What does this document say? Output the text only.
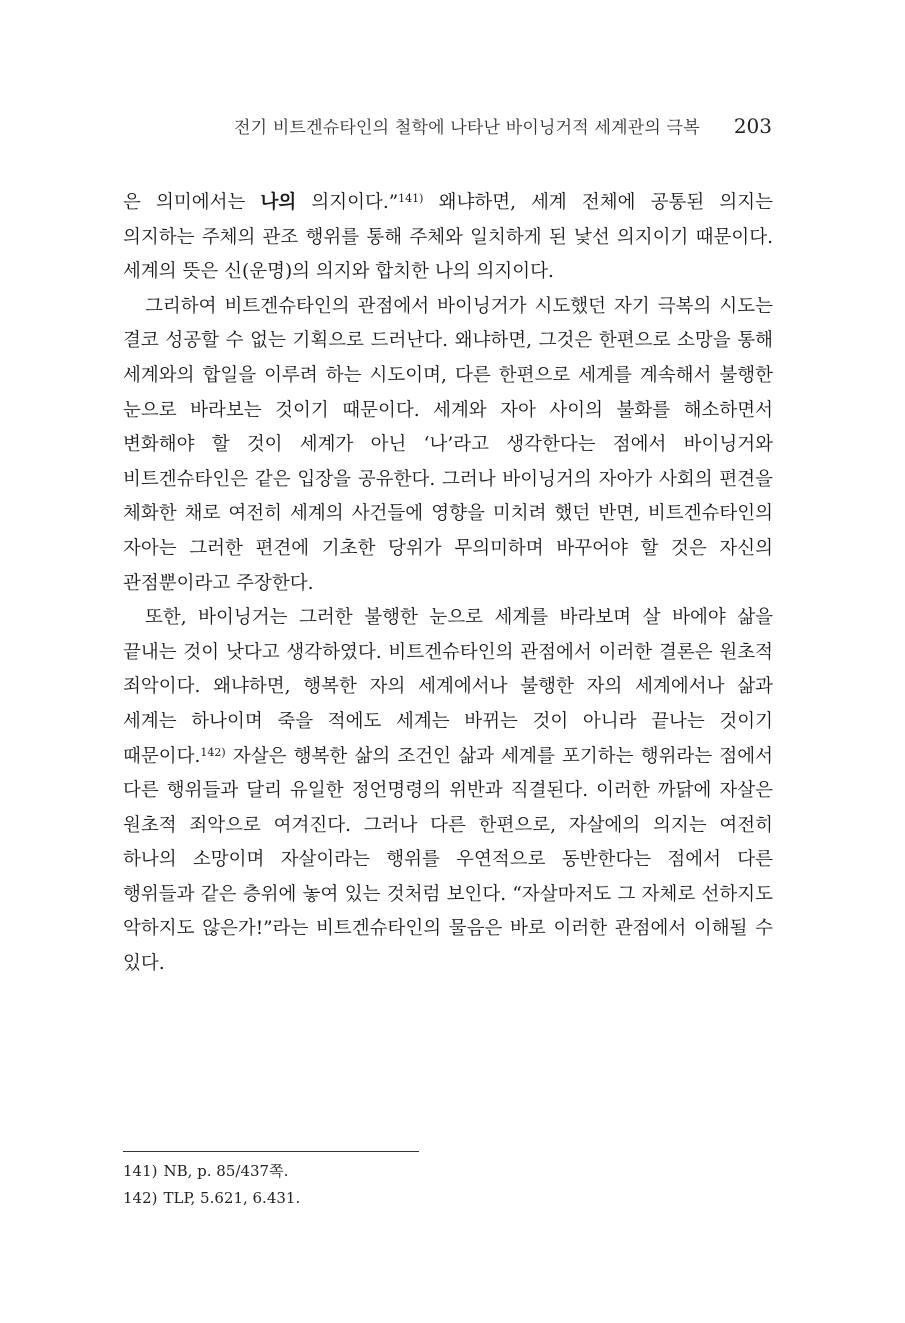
전기 비트겐슈타인의 철학에 나타난 바이닝거적 세계관의 극복 203

은 의미에서는 나의 의지이다.”$^{141)}$ 왜냐하면, 세계 전체에 공통된 의지는 의지하는 주체의 관조 행위를 통해 주체와 일치하게 된 낯선 의지이기 때문이다. 세계의 뜻은 신(운명)의 의지와 합치한 나의 의지이다.

그리하여 비트겐슈타인의 관점에서 바이닝거가 시도했던 자기 극복의 시도는 결코 성공할 수 없는 기획으로 드러난다. 왜냐하면, 그것은 한편으로 소망을 통해 세계와의 합일을 이루려 하는 시도이며, 다른 한편으로 세계를 계속해서 불행한 눈으로 바라보는 것이기 때문이다. 세계와 자아 사이의 불화를 해소하면서 변화해야 할 것이 세계가 아닌 ‘나’라고 생각한다는 점에서 바이닝거와 비트겐슈타인은 같은 입장을 공유한다. 그러나 바이닝거의 자아가 사회의 편견을 체화한 채로 여전히 세계의 사건들에 영향을 미치려 했던 반면, 비트겐슈타인의 자아는 그러한 편견에 기초한 당위가 무의미하며 바꾸어야 할 것은 자신의 관점뿐이라고 주장한다.

또한, 바이닝거는 그러한 불행한 눈으로 세계를 바라보며 살 바에야 삶을 끝내는 것이 낫다고 생각하였다. 비트겐슈타인의 관점에서 이러한 결론은 원초적 죄악이다. 왜냐하면, 행복한 자의 세계에서나 불행한 자의 세계에서나 삶과 세계는 하나이며 죽을 적에도 세계는 바뀌는 것이 아니라 끝나는 것이기 때문이다.$^{142)}$ 자살은 행복한 삶의 조건인 삶과 세계를 포기하는 행위라는 점에서 다른 행위들과 달리 유일한 정언명령의 위반과 직결된다. 이러한 까닭에 자살은 원초적 죄악으로 여겨진다. 그러나 다른 한편으로, 자살에의 의지는 여전히 하나의 소망이며 자살이라는 행위를 우연적으로 동반한다는 점에서 다른 행위들과 같은 층위에 놓여 있는 것처럼 보인다. “자살마저도 그 자체로 선하지도 악하지도 않은가!”라는 비트겐슈타인의 물음은 바로 이러한 관점에서 이해될 수 있다.

141) NB, p. 85/437쪽.
142) TLP, 5.621, 6.431.
